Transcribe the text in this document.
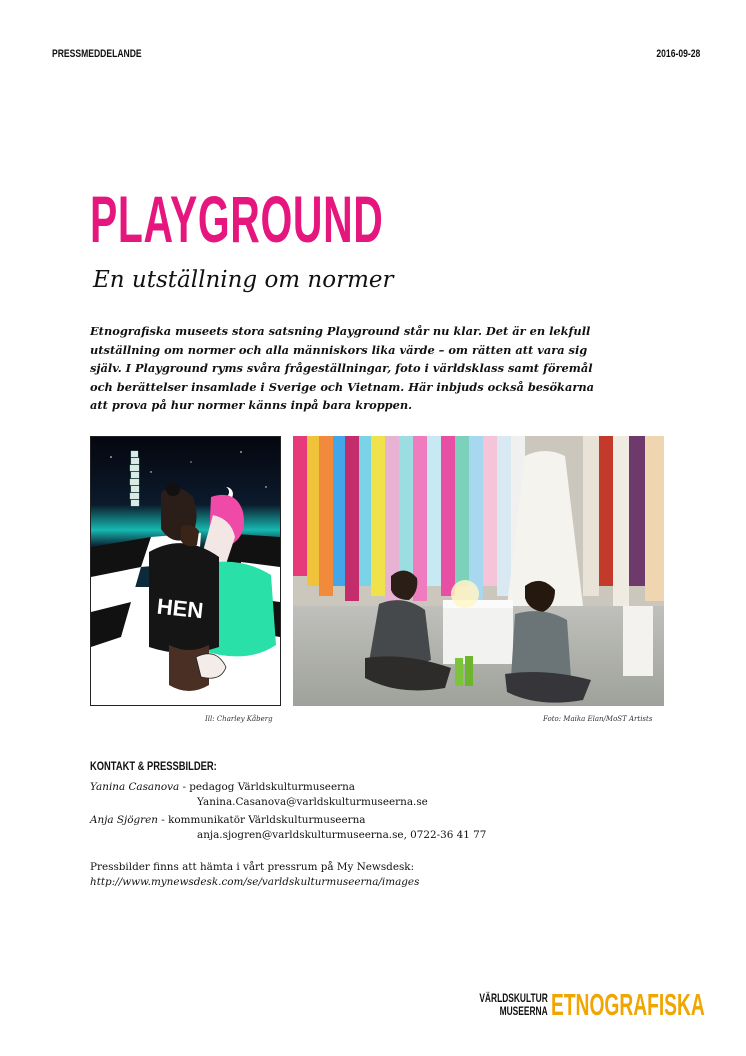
PRESSMEDDELANDE	2016-09-28
PLAYGROUND
En utställning om normer
Etnografiska museets stora satsning Playground står nu klar. Det är en lekfull utställning om normer och alla människors lika värde – om rätten att vara sig själv. I Playground ryms svåra frågeställningar, foto i världsklass samt föremål och berättelser insamlade i Sverige och Vietnam. Här inbjuds också besökarna att prova på hur normer känns inpå bara kroppen.
HEN
Ill: Charley Kåberg	Foto: Maika Elan/MoST Artists
KONTAKT & PRESSBILDER:
Yanina Casanova - pedagog Världskulturmuseerna
Yanina.Casanova@varldskulturmuseerna.se
Anja Sjögren - kommunikatör Världskulturmuseerna
anja.sjogren@varldskulturmuseerna.se, 0722-36 41 77
Pressbilder finns att hämta i vårt pressrum på My Newsdesk:
http://www.mynewsdesk.com/se/varldskulturmuseerna/images
VÄRLDSKULTUR
MUSEERNA ETNOGRAFISKA
